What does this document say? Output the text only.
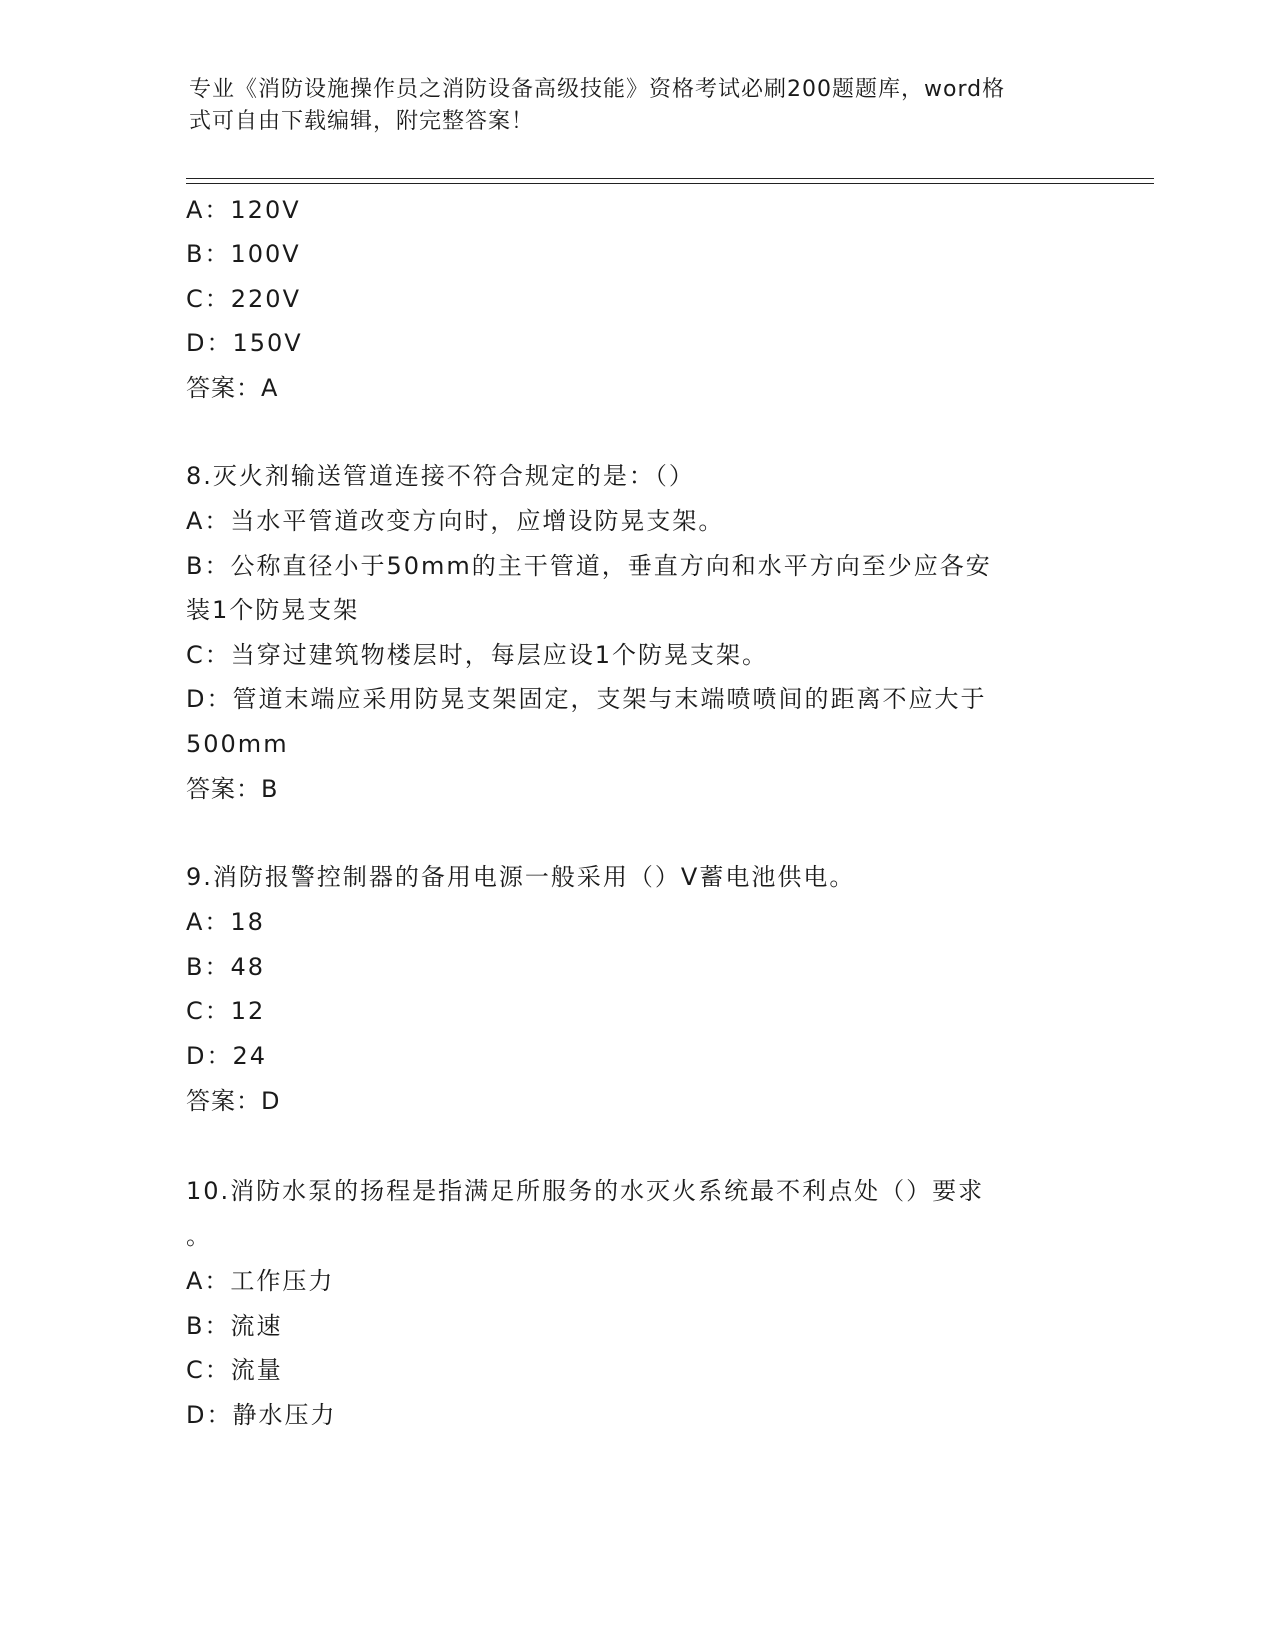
专业《消防设施操作员之消防设备高级技能》资格考试必刷200题题库，word格
式可自由下载编辑，附完整答案！
A：120V
B：100V
C：220V
D：150V
答案：A
8.灭火剂输送管道连接不符合规定的是：（）
A：当水平管道改变方向时，应增设防晃支架。
B：公称直径小于50mm的主干管道，垂直方向和水平方向至少应各安
装1个防晃支架
C：当穿过建筑物楼层时，每层应设1个防晃支架。
D：管道末端应采用防晃支架固定，支架与末端喷喷间的距离不应大于
500mm
答案：B
9.消防报警控制器的备用电源一般采用（）V蓄电池供电。
A：18
B：48
C：12
D：24
答案：D
10.消防水泵的扬程是指满足所服务的水灭火系统最不利点处（）要求
。
A：工作压力
B：流速
C：流量
D：静水压力
